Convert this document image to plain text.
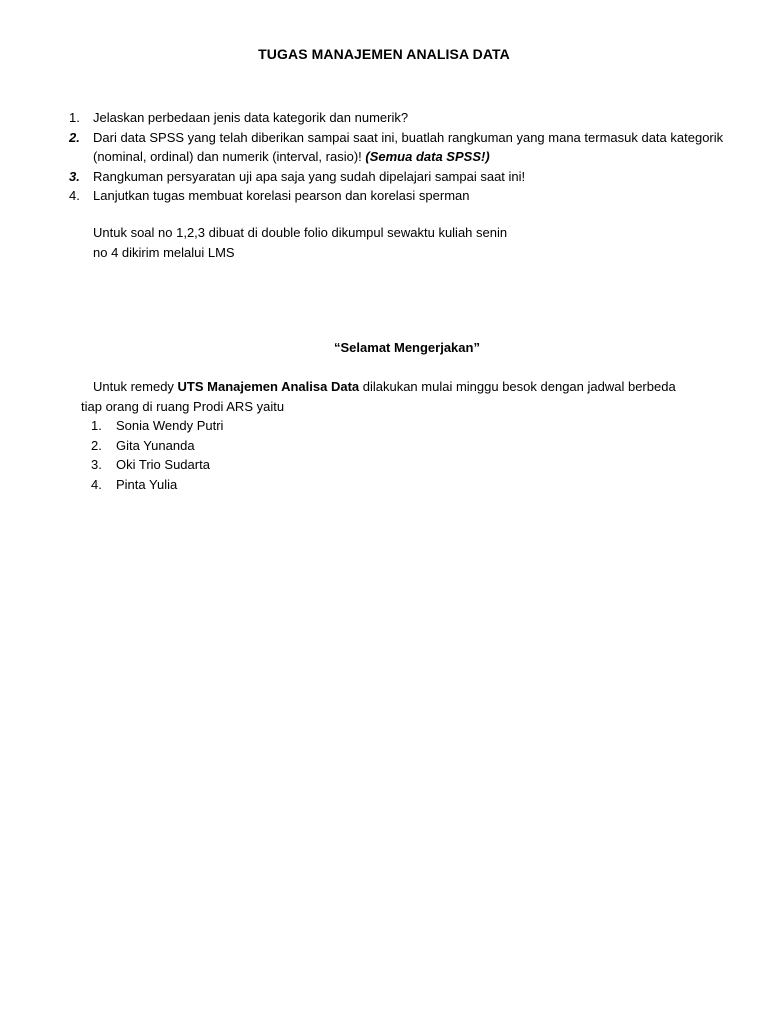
TUGAS MANAJEMEN ANALISA DATA
1. Jelaskan perbedaan jenis data kategorik dan numerik?
2. Dari data SPSS yang telah diberikan sampai saat ini, buatlah rangkuman yang mana termasuk data kategorik (nominal, ordinal) dan numerik (interval, rasio)! (Semua data SPSS!)
3. Rangkuman persyaratan uji apa saja yang sudah dipelajari sampai saat ini!
4. Lanjutkan tugas membuat korelasi pearson dan korelasi sperman
Untuk soal no 1,2,3 dibuat di double folio dikumpul sewaktu kuliah senin
no 4 dikirim melalui LMS
“Selamat Mengerjakan”
Untuk remedy UTS Manajemen Analisa Data dilakukan mulai minggu besok dengan jadwal berbeda
tiap orang di ruang Prodi ARS yaitu
1. Sonia Wendy Putri
2. Gita Yunanda
3. Oki Trio Sudarta
4. Pinta Yulia
